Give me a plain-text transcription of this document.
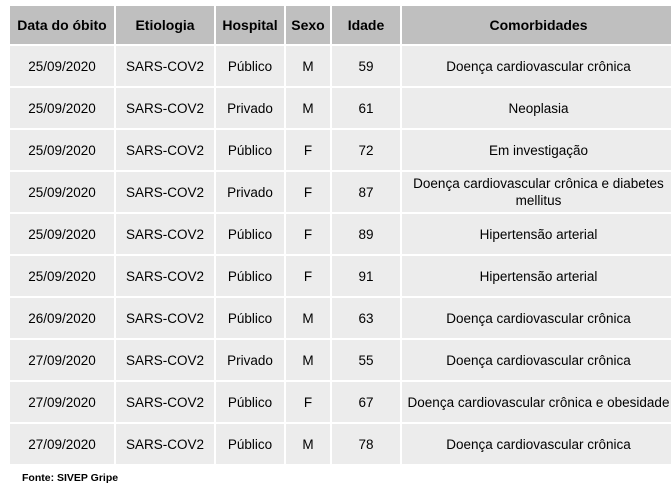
Data do óbito	Etiologia	Hospital	Sexo	Idade	Comorbidades
25/09/2020	SARS-COV2	Público	M	59	Doença cardiovascular crônica
25/09/2020	SARS-COV2	Privado	M	61	Neoplasia
25/09/2020	SARS-COV2	Público	F	72	Em investigação
25/09/2020	SARS-COV2	Privado	F	87	Doença cardiovascular crônica e diabetes mellitus
25/09/2020	SARS-COV2	Público	F	89	Hipertensão arterial
25/09/2020	SARS-COV2	Público	F	91	Hipertensão arterial
26/09/2020	SARS-COV2	Público	M	63	Doença cardiovascular crônica
27/09/2020	SARS-COV2	Privado	M	55	Doença cardiovascular crônica
27/09/2020	SARS-COV2	Público	F	67	Doença cardiovascular crônica e obesidade
27/09/2020	SARS-COV2	Público	M	78	Doença cardiovascular crônica
Fonte: SIVEP Gripe
